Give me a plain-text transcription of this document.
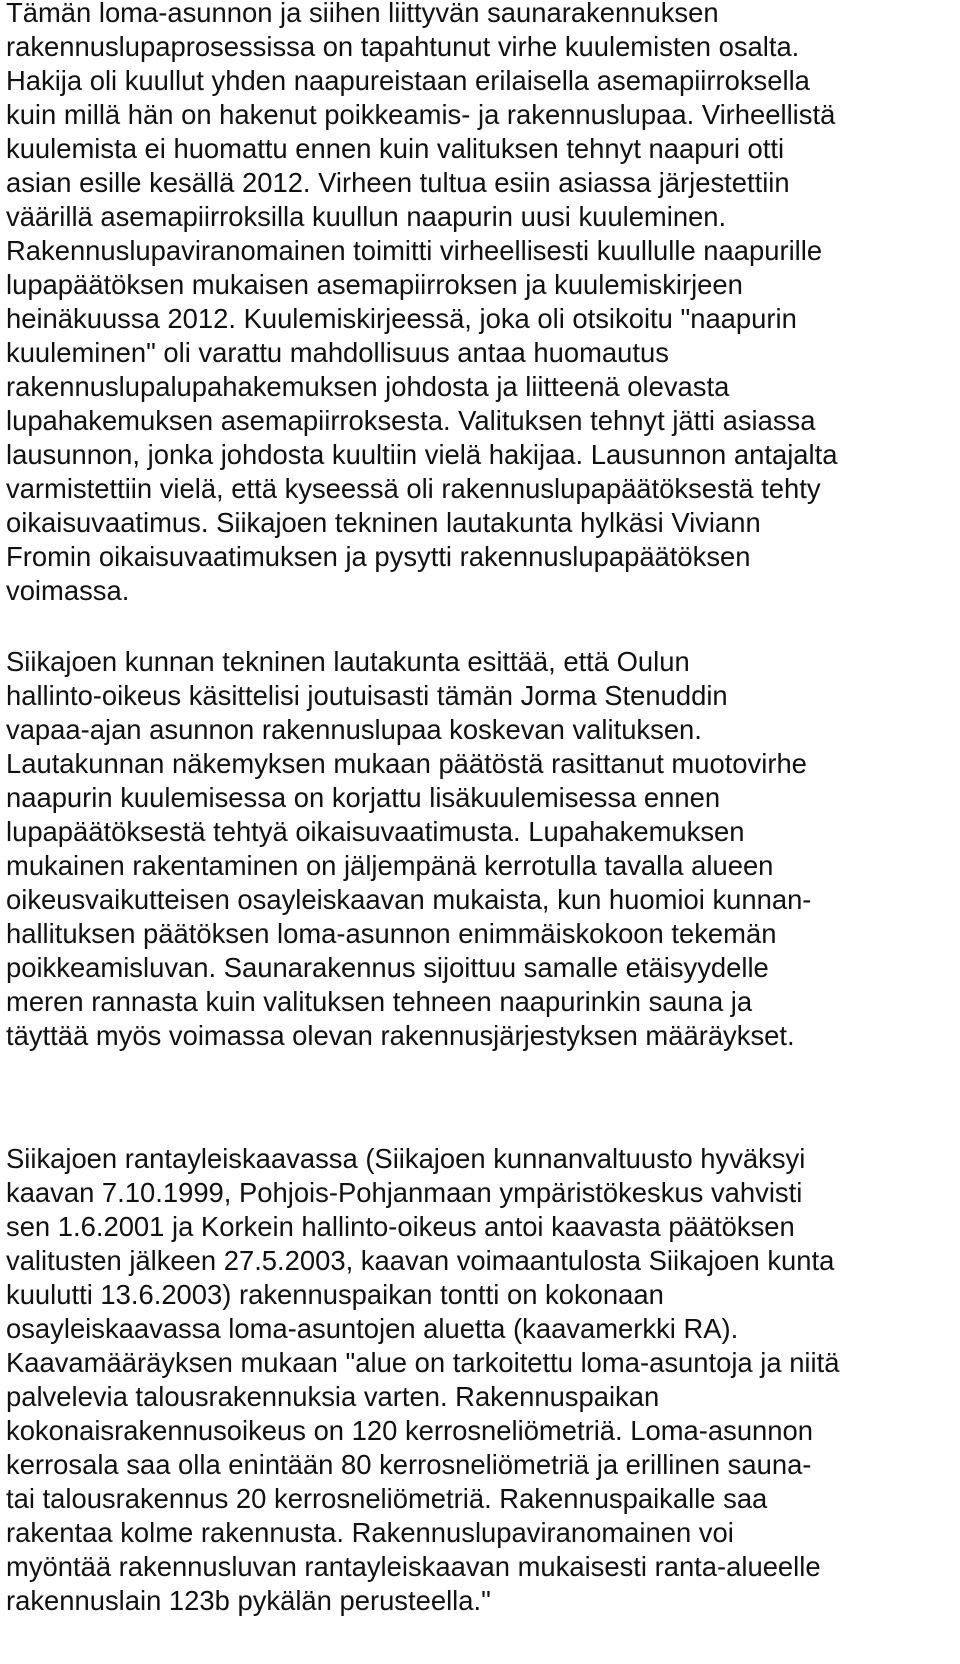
Tämän loma-asunnon ja siihen liittyvän saunarakennuksen
rakennuslupaprosessissa on tapahtunut virhe kuulemisten osalta.
Hakija oli kuullut yhden naapureistaan erilaisella asemapiirroksella
kuin millä hän on hakenut poikkeamis- ja rakennuslupaa. Virheellistä
kuulemista ei huomattu ennen kuin valituksen tehnyt naapuri otti
asian esille kesällä 2012. Virheen tultua esiin asiassa järjestettiin
väärillä asemapiirroksilla kuullun naapurin uusi kuuleminen.
Rakennuslupaviranomainen toimitti virheellisesti kuullulle naapurille
lupapäätöksen mukaisen asemapiirroksen ja kuulemiskirjeen
heinäkuussa 2012. Kuulemiskirjeessä, joka oli otsikoitu "naapurin
kuuleminen" oli varattu mahdollisuus antaa huomautus
rakennuslupalupahakemuksen johdosta ja liitteenä olevasta
lupahakemuksen asemapiirroksesta. Valituksen tehnyt jätti asiassa
lausunnon, jonka johdosta kuultiin vielä hakijaa. Lausunnon antajalta
varmistettiin vielä, että kyseessä oli rakennuslupapäätöksestä tehty
oikaisuvaatimus. Siikajoen tekninen lautakunta hylkäsi Viviann
Fromin oikaisuvaatimuksen ja pysytti rakennuslupapäätöksen
voimassa.
Siikajoen kunnan tekninen lautakunta esittää, että Oulun
hallinto-oikeus käsittelisi joutuisasti tämän Jorma Stenuddin
vapaa-ajan asunnon rakennuslupaa koskevan valituksen.
Lautakunnan näkemyksen mukaan päätöstä rasittanut muotovirhe
naapurin kuulemisessa on korjattu lisäkuulemisessa ennen
lupapäätöksestä tehtyä oikaisuvaatimusta. Lupahakemuksen
mukainen rakentaminen on jäljempänä kerrotulla tavalla alueen
oikeusvaikutteisen osayleiskaavan mukaista, kun huomioi kunnan-
hallituksen päätöksen loma-asunnon enimmäiskokoon tekemän
poikkeamisluvan. Saunarakennus sijoittuu samalle etäisyydelle
meren rannasta kuin valituksen tehneen naapurinkin sauna ja
täyttää myös voimassa olevan rakennusjärjestyksen määräykset.
Siikajoen rantayleiskaavassa (Siikajoen kunnanvaltuusto hyväksyi
kaavan 7.10.1999, Pohjois-Pohjanmaan ympäristökeskus vahvisti
sen 1.6.2001 ja Korkein hallinto-oikeus antoi kaavasta päätöksen
valitusten jälkeen 27.5.2003, kaavan voimaantulosta Siikajoen kunta
kuulutti 13.6.2003) rakennuspaikan tontti on kokonaan
osayleiskaavassa loma-asuntojen aluetta (kaavamerkki RA).
Kaavamääräyksen mukaan "alue on tarkoitettu loma-asuntoja ja niitä
palvelevia talousrakennuksia varten. Rakennuspaikan
kokonaisrakennusoikeus on 120 kerrosneliömetriä. Loma-asunnon
kerrosala saa olla enintään 80 kerrosneliömetriä ja erillinen sauna-
tai talousrakennus 20 kerrosneliömetriä. Rakennuspaikalle saa
rakentaa kolme rakennusta. Rakennuslupaviranomainen voi
myöntää rakennusluvan rantayleiskaavan mukaisesti ranta-alueelle
rakennuslain 123b pykälän perusteella."
